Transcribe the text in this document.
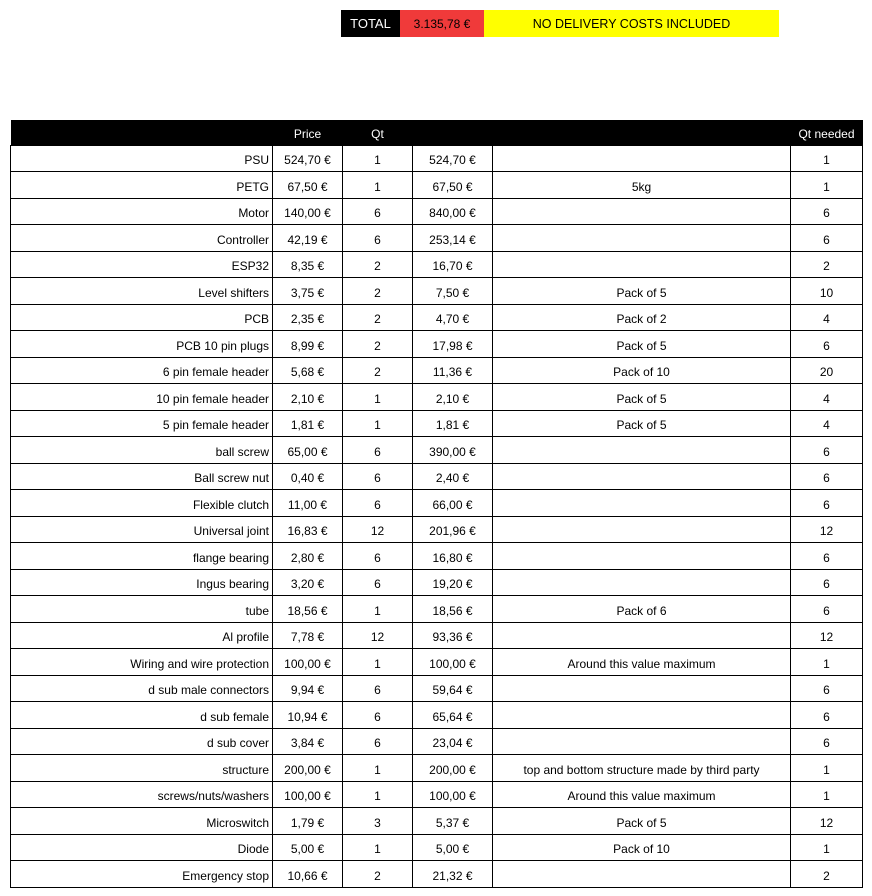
TOTAL	3.135,78 €	NO DELIVERY COSTS INCLUDED
	Price	Qt			Qt needed
PSU	524,70 €	1	524,70 €		1
PETG	67,50 €	1	67,50 €	5kg	1
Motor	140,00 €	6	840,00 €		6
Controller	42,19 €	6	253,14 €		6
ESP32	8,35 €	2	16,70 €		2
Level shifters	3,75 €	2	7,50 €	Pack of 5	10
PCB	2,35 €	2	4,70 €	Pack of 2	4
PCB 10 pin plugs	8,99 €	2	17,98 €	Pack of 5	6
6 pin female header	5,68 €	2	11,36 €	Pack of 10	20
10 pin female header	2,10 €	1	2,10 €	Pack of 5	4
5 pin female header	1,81 €	1	1,81 €	Pack of 5	4
ball screw	65,00 €	6	390,00 €		6
Ball screw nut	0,40 €	6	2,40 €		6
Flexible clutch	11,00 €	6	66,00 €		6
Universal joint	16,83 €	12	201,96 €		12
flange bearing	2,80 €	6	16,80 €		6
Ingus bearing	3,20 €	6	19,20 €		6
tube	18,56 €	1	18,56 €	Pack of 6	6
Al profile	7,78 €	12	93,36 €		12
Wiring and wire protection	100,00 €	1	100,00 €	Around this value maximum	1
d sub male connectors	9,94 €	6	59,64 €		6
d sub female	10,94 €	6	65,64 €		6
d sub cover	3,84 €	6	23,04 €		6
structure	200,00 €	1	200,00 €	top and bottom structure made by third party	1
screws/nuts/washers	100,00 €	1	100,00 €	Around this value maximum	1
Microswitch	1,79 €	3	5,37 €	Pack of 5	12
Diode	5,00 €	1	5,00 €	Pack of 10	1
Emergency stop	10,66 €	2	21,32 €		2
